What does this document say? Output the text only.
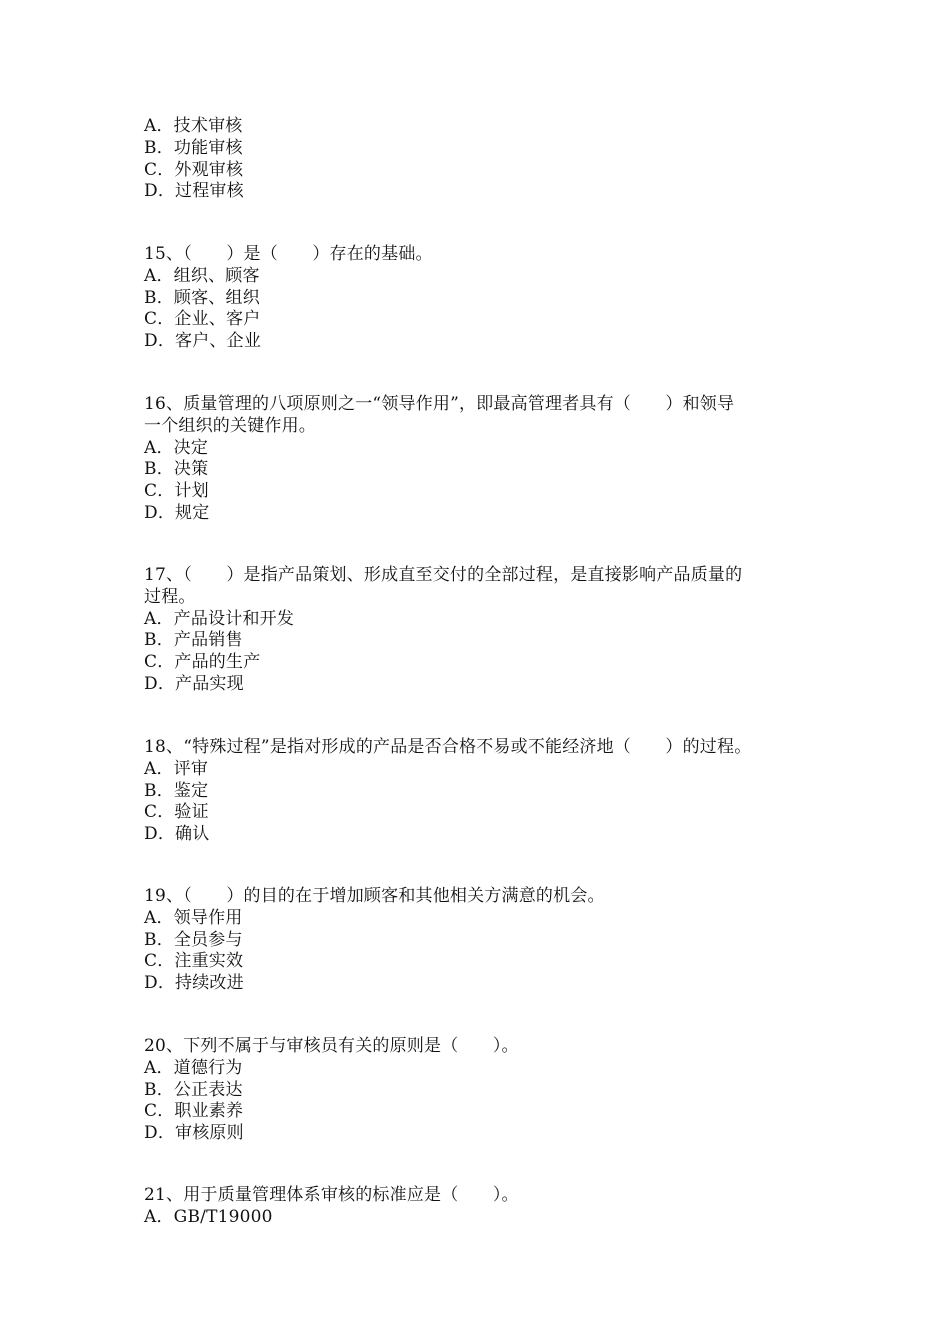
A．技术审核
B．功能审核
C．外观审核
D．过程审核
15、（　　）是（　　）存在的基础。
A．组织、顾客
B．顾客、组织
C．企业、客户
D．客户、企业
16、质量管理的八项原则之一“领导作用”，即最高管理者具有（　　）和领导
一个组织的关键作用。
A．决定
B．决策
C．计划
D．规定
17、（　　）是指产品策划、形成直至交付的全部过程，是直接影响产品质量的
过程。
A．产品设计和开发
B．产品销售
C．产品的生产
D．产品实现
18、“特殊过程”是指对形成的产品是否合格不易或不能经济地（　　）的过程。
A．评审
B．鉴定
C．验证
D．确认
19、（　　）的目的在于增加顾客和其他相关方满意的机会。
A．领导作用
B．全员参与
C．注重实效
D．持续改进
20、下列不属于与审核员有关的原则是（　　）。
A．道德行为
B．公正表达
C．职业素养
D．审核原则
21、用于质量管理体系审核的标准应是（　　）。
A．GB/T19000
